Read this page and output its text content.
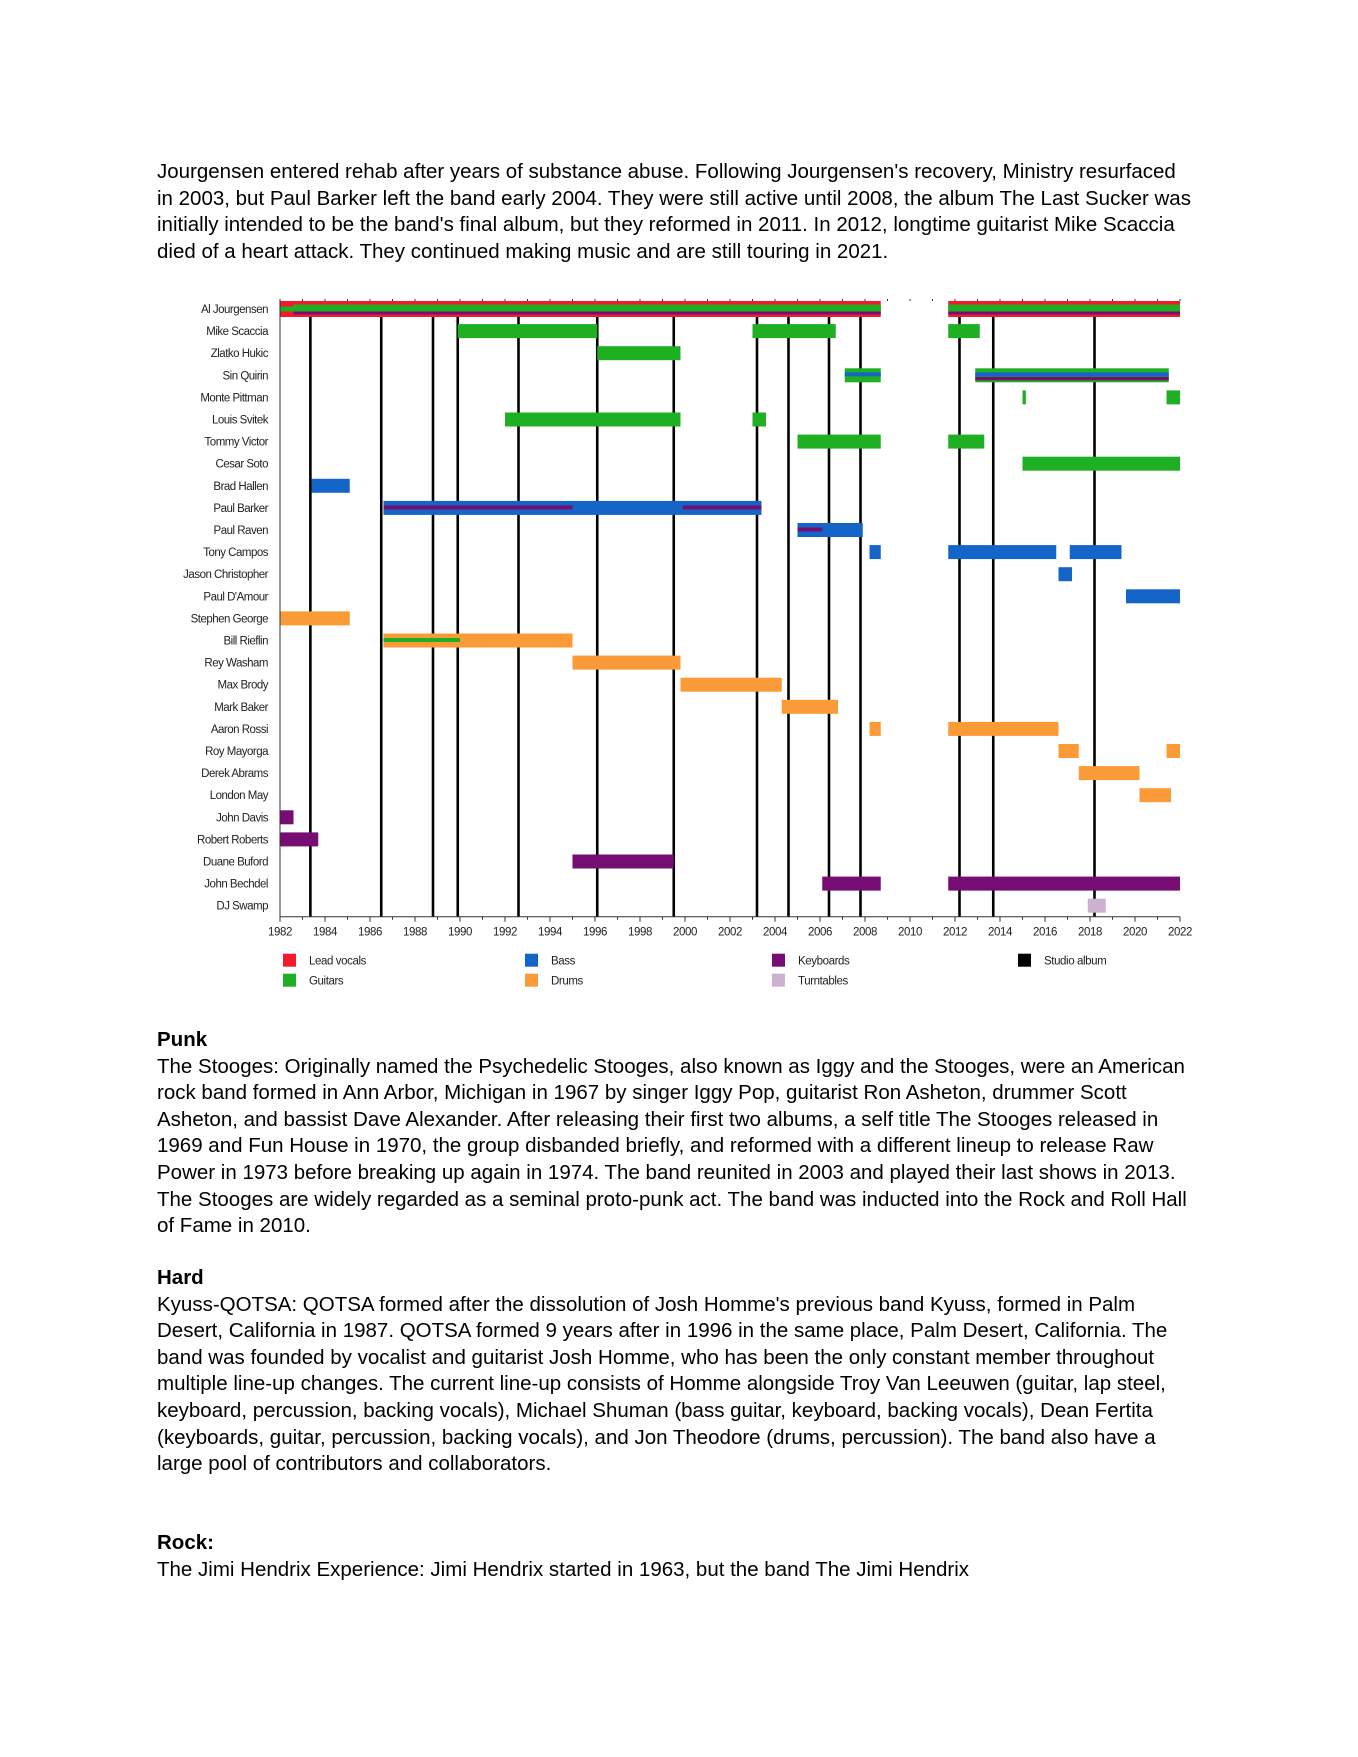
Jourgensen entered rehab after years of substance abuse. Following Jourgensen's recovery, Ministry resurfaced in 2003, but Paul Barker left the band early 2004. They were still active until 2008, the album The Last Sucker was initially intended to be the band's final album, but they reformed in 2011. In 2012, longtime guitarist Mike Scaccia died of a heart attack. They continued making music and are still touring in 2021.

1982 1984 1986 1988 1990 1992 1994 1996 1998 2000 2002 2004 2006 2008 2010 2012 2014 2016 2018 2020 2022
Al Jourgensen
Mike Scaccia
Zlatko Hukic
Sin Quirin
Monte Pittman
Louis Svitek
Tommy Victor
Cesar Soto
Brad Hallen
Paul Barker
Paul Raven
Tony Campos
Jason Christopher
Paul D'Amour
Stephen George
Bill Rieflin
Rey Washam
Max Brody
Mark Baker
Aaron Rossi
Roy Mayorga
Derek Abrams
London May
John Davis
Robert Roberts
Duane Buford
John Bechdel
DJ Swamp
Lead vocals
Guitars
Bass
Drums
Keyboards
Turntables
Studio album

Punk
The Stooges: Originally named the Psychedelic Stooges, also known as Iggy and the Stooges, were an American rock band formed in Ann Arbor, Michigan in 1967 by singer Iggy Pop, guitarist Ron Asheton, drummer Scott Asheton, and bassist Dave Alexander. After releasing their first two albums, a self title The Stooges released in 1969 and Fun House in 1970, the group disbanded briefly, and reformed with a different lineup to release Raw Power in 1973 before breaking up again in 1974. The band reunited in 2003 and played their last shows in 2013. The Stooges are widely regarded as a seminal proto-punk act. The band was inducted into the Rock and Roll Hall of Fame in 2010.

Hard
Kyuss-QOTSA: QOTSA formed after the dissolution of Josh Homme's previous band Kyuss, formed in Palm Desert, California in 1987. QOTSA formed 9 years after in 1996 in the same place, Palm Desert, California. The band was founded by vocalist and guitarist Josh Homme, who has been the only constant member throughout multiple line-up changes. The current line-up consists of Homme alongside Troy Van Leeuwen (guitar, lap steel, keyboard, percussion, backing vocals), Michael Shuman (bass guitar, keyboard, backing vocals), Dean Fertita (keyboards, guitar, percussion, backing vocals), and Jon Theodore (drums, percussion). The band also have a large pool of contributors and collaborators.

Rock:
The Jimi Hendrix Experience: Jimi Hendrix started in 1963, but the band The Jimi Hendrix
